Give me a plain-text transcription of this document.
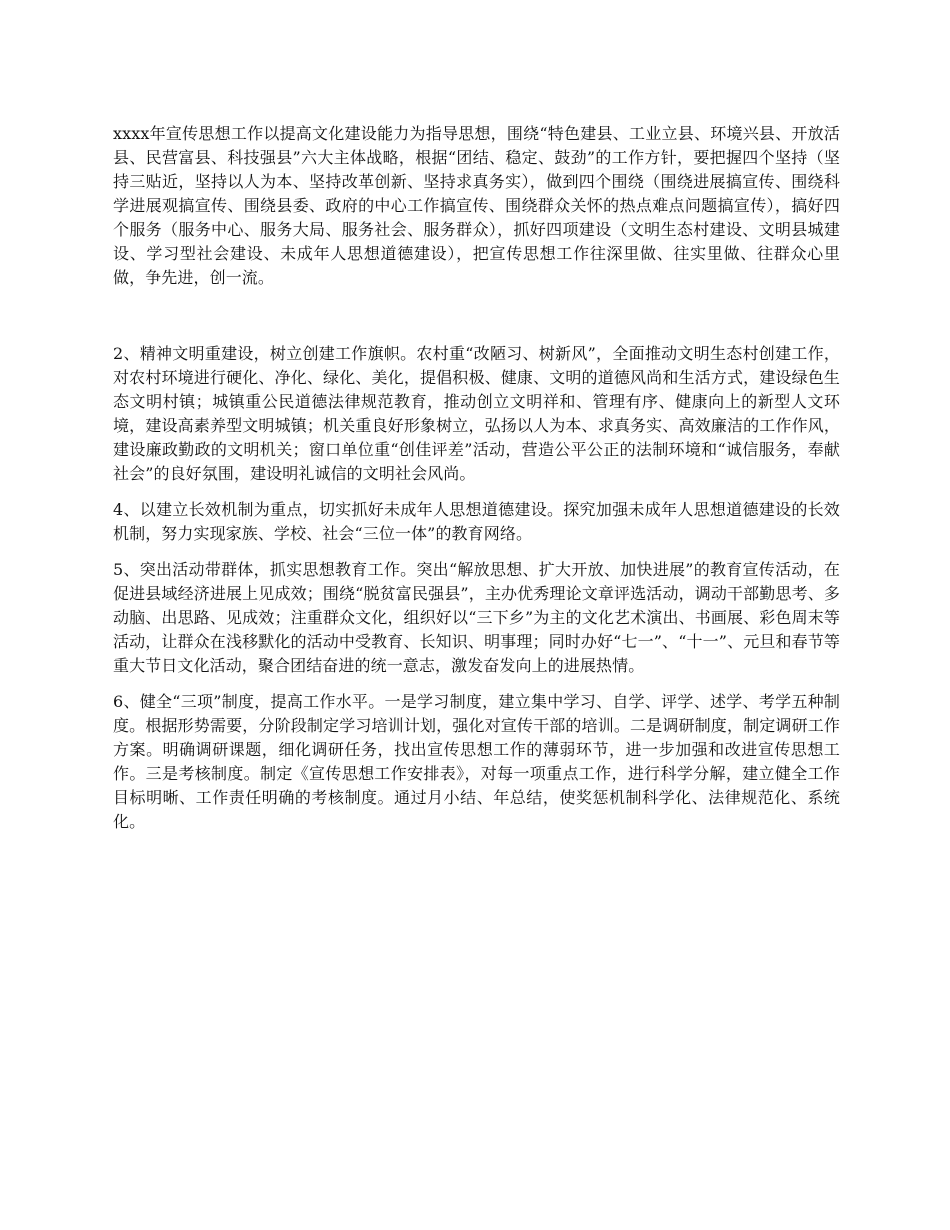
xxxx年宣传思想工作以提高文化建设能力为指导思想，围绕“特色建县、工业立县、环境兴县、开放活县、民营富县、科技强县”六大主体战略，根据“团结、稳定、鼓劲”的工作方针，要把握四个坚持（坚持三贴近，坚持以人为本、坚持改革创新、坚持求真务实），做到四个围绕（围绕进展搞宣传、围绕科学进展观搞宣传、围绕县委、政府的中心工作搞宣传、围绕群众关怀的热点难点问题搞宣传），搞好四个服务（服务中心、服务大局、服务社会、服务群众），抓好四项建设（文明生态村建设、文明县城建设、学习型社会建设、未成年人思想道德建设），把宣传思想工作往深里做、往实里做、往群众心里做，争先进，创一流。

2、精神文明重建设，树立创建工作旗帜。农村重“改陋习、树新风”，全面推动文明生态村创建工作，对农村环境进行硬化、净化、绿化、美化，提倡积极、健康、文明的道德风尚和生活方式，建设绿色生态文明村镇；城镇重公民道德法律规范教育，推动创立文明祥和、管理有序、健康向上的新型人文环境，建设高素养型文明城镇；机关重良好形象树立，弘扬以人为本、求真务实、高效廉洁的工作作风，建设廉政勤政的文明机关；窗口单位重“创佳评差”活动，营造公平公正的法制环境和“诚信服务，奉献社会”的良好氛围，建设明礼诚信的文明社会风尚。

4、以建立长效机制为重点，切实抓好未成年人思想道德建设。探究加强未成年人思想道德建设的长效机制，努力实现家族、学校、社会“三位一体”的教育网络。

5、突出活动带群体，抓实思想教育工作。突出“解放思想、扩大开放、加快进展”的教育宣传活动，在促进县域经济进展上见成效；围绕“脱贫富民强县”，主办优秀理论文章评选活动，调动干部勤思考、多动脑、出思路、见成效；注重群众文化，组织好以“三下乡”为主的文化艺术演出、书画展、彩色周末等活动，让群众在浅移默化的活动中受教育、长知识、明事理；同时办好“七一”、“十一”、元旦和春节等重大节日文化活动，聚合团结奋进的统一意志，激发奋发向上的进展热情。

6、健全“三项”制度，提高工作水平。一是学习制度，建立集中学习、自学、评学、述学、考学五种制度。根据形势需要，分阶段制定学习培训计划，强化对宣传干部的培训。二是调研制度，制定调研工作方案。明确调研课题，细化调研任务，找出宣传思想工作的薄弱环节，进一步加强和改进宣传思想工作。三是考核制度。制定《宣传思想工作安排表》，对每一项重点工作，进行科学分解，建立健全工作目标明晰、工作责任明确的考核制度。通过月小结、年总结，使奖惩机制科学化、法律规范化、系统化。
